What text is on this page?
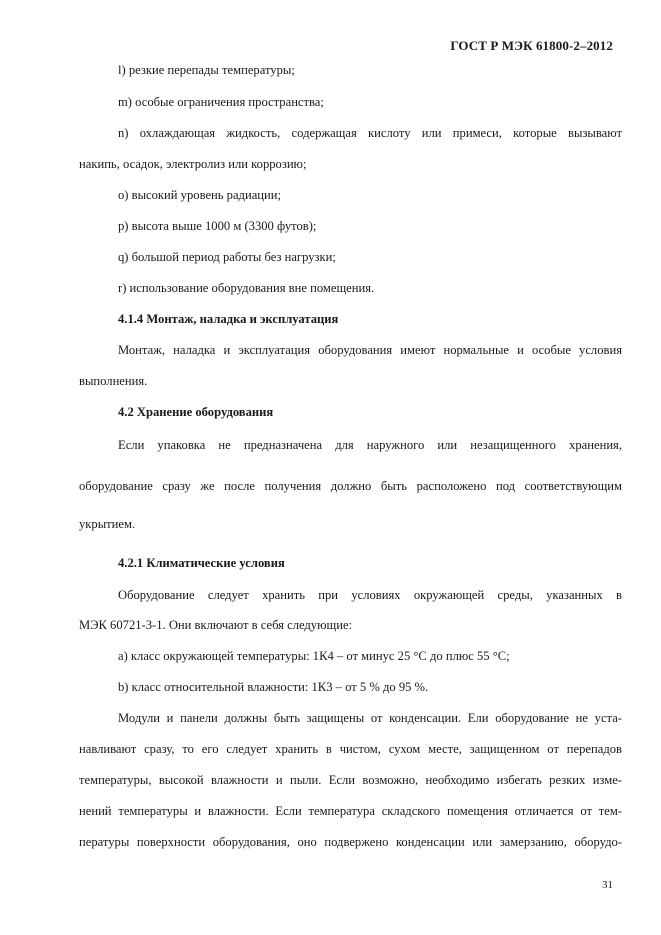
ГОСТ Р МЭК 61800-2–2012
l) резкие перепады температуры;
m) особые ограничения пространства;
n) охлаждающая жидкость, содержащая кислоту или примеси, которые вызывают
накипь, осадок, электролиз или коррозию;
o) высокий уровень радиации;
p) высота выше 1000 м (3300 футов);
q) большой период работы без нагрузки;
r) использование оборудования вне помещения.
4.1.4 Монтаж, наладка и эксплуатация
Монтаж, наладка и эксплуатация оборудования имеют нормальные и особые условия
выполнения.
4.2 Хранение оборудования
Если упаковка не предназначена для наружного или незащищенного хранения,
оборудование сразу же после получения должно быть расположено под соответствующим
укрытием.
4.2.1 Климатические условия
Оборудование следует хранить при условиях окружающей среды, указанных в
МЭК 60721-3-1. Они включают в себя следующие:
a) класс окружающей температуры: 1К4 – от минус 25 °С до плюс 55 °С;
b) класс относительной влажности: 1К3 – от 5 % до 95 %.
Модули и панели должны быть защищены от конденсации. Ели оборудование не уста-
навливают сразу, то его следует хранить в чистом, сухом месте, защищенном от перепадов
температуры, высокой влажности и пыли. Если возможно, необходимо избегать резких изме-
нений температуры и влажности. Если температура складского помещения отличается от тем-
пературы поверхности оборудования, оно подвержено конденсации или замерзанию, оборудо-
31
